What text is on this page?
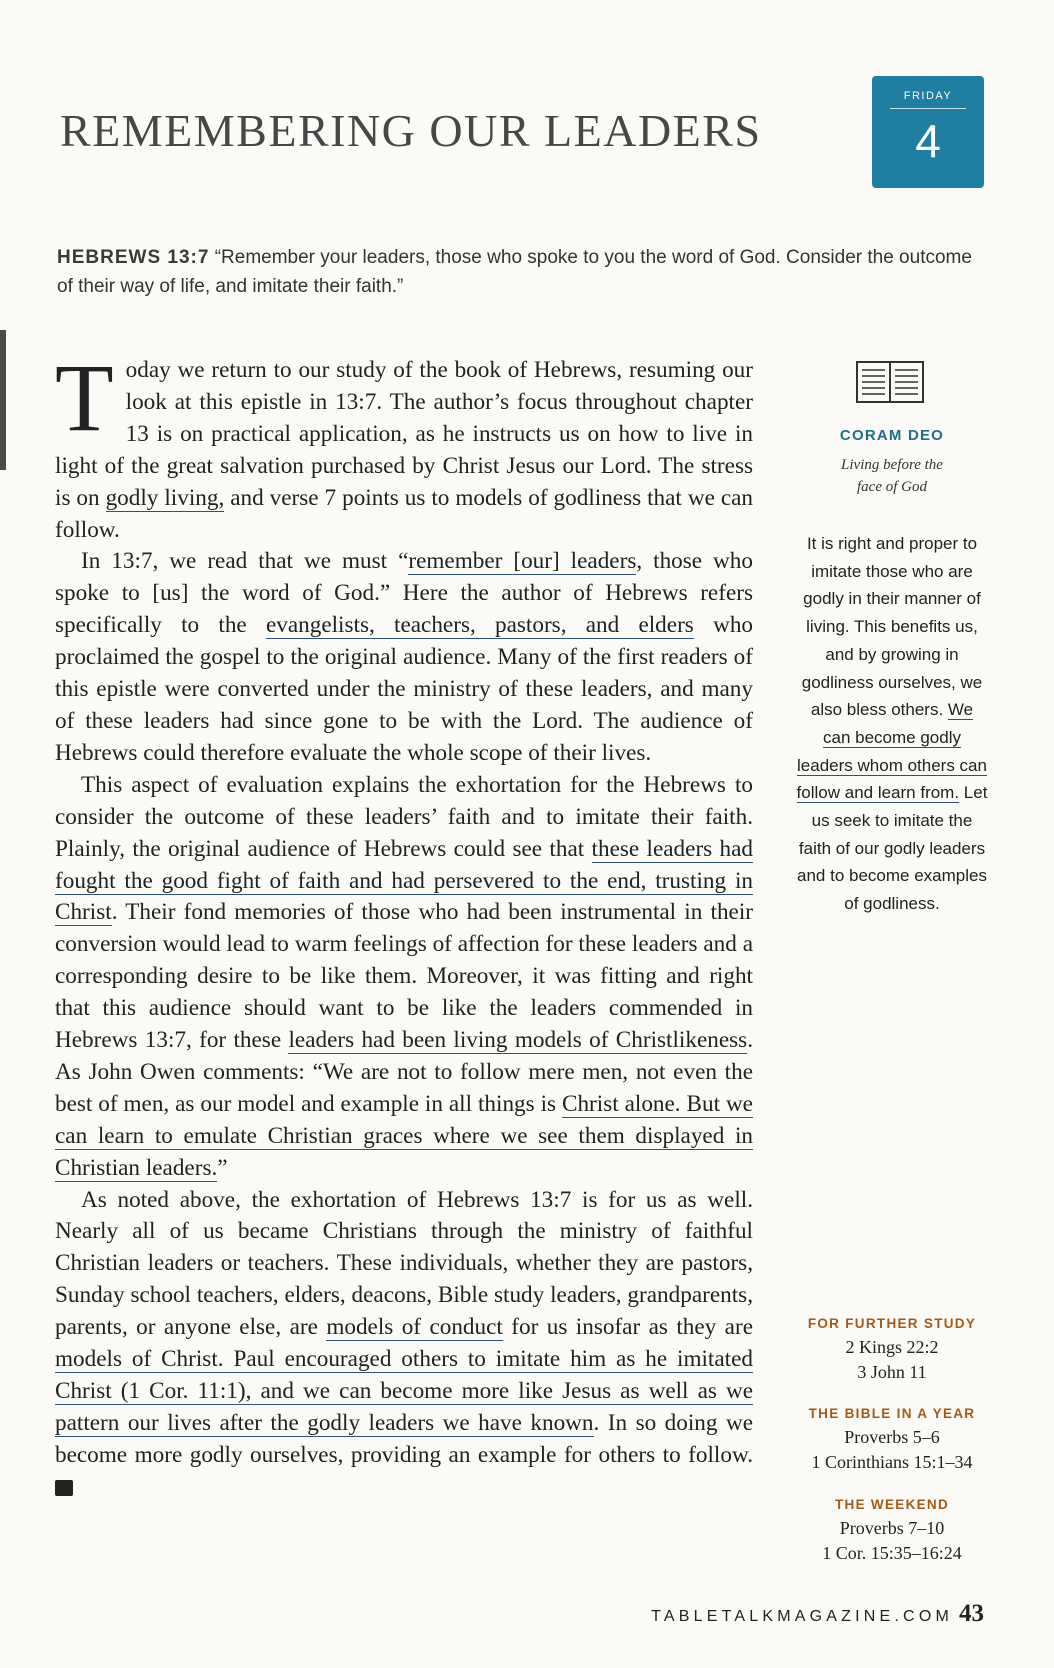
REMEMBERING OUR LEADERS
FRIDAY
4
HEBREWS 13:7 “Remember your leaders, those who spoke to you the word of God. Consider the outcome of their way of life, and imitate their faith.”

Today we return to our study of the book of Hebrews, resuming our look at this epistle in 13:7. The author’s focus throughout chapter 13 is on practical application, as he instructs us on how to live in light of the great salvation purchased by Christ Jesus our Lord. The stress is on godly living, and verse 7 points us to models of godliness that we can follow.

In 13:7, we read that we must “remember [our] leaders, those who spoke to [us] the word of God.” Here the author of Hebrews refers specifically to the evangelists, teachers, pastors, and elders who proclaimed the gospel to the original audience. Many of the first readers of this epistle were converted under the ministry of these leaders, and many of these leaders had since gone to be with the Lord. The audience of Hebrews could therefore evaluate the whole scope of their lives.

This aspect of evaluation explains the exhortation for the Hebrews to consider the outcome of these leaders’ faith and to imitate their faith. Plainly, the original audience of Hebrews could see that these leaders had fought the good fight of faith and had persevered to the end, trusting in Christ. Their fond memories of those who had been instrumental in their conversion would lead to warm feelings of affection for these leaders and a corresponding desire to be like them. Moreover, it was fitting and right that this audience should want to be like the leaders commended in Hebrews 13:7, for these leaders had been living models of Christlikeness. As John Owen comments: “We are not to follow mere men, not even the best of men, as our model and example in all things is Christ alone. But we can learn to emulate Christian graces where we see them displayed in Christian leaders.”

As noted above, the exhortation of Hebrews 13:7 is for us as well. Nearly all of us became Christians through the ministry of faithful Christian leaders or teachers. These individuals, whether they are pastors, Sunday school teachers, elders, deacons, Bible study leaders, grandparents, parents, or anyone else, are models of conduct for us insofar as they are models of Christ. Paul encouraged others to imitate him as he imitated Christ (1 Cor. 11:1), and we can become more like Jesus as well as we pattern our lives after the godly leaders we have known. In so doing we become more godly ourselves, providing an example for others to follow. T

CORAM DEO
Living before the
face of God
It is right and proper to imitate those who are godly in their manner of living. This benefits us, and by growing in godliness ourselves, we also bless others. We can become godly leaders whom others can follow and learn from. Let us seek to imitate the faith of our godly leaders and to become examples of godliness.
FOR FURTHER STUDY
2 Kings 22:2
3 John 11
THE BIBLE IN A YEAR
Proverbs 5–6
1 Corinthians 15:1–34
THE WEEKEND
Proverbs 7–10
1 Cor. 15:35–16:24
TABLETALKMAGAZINE.COM 43
